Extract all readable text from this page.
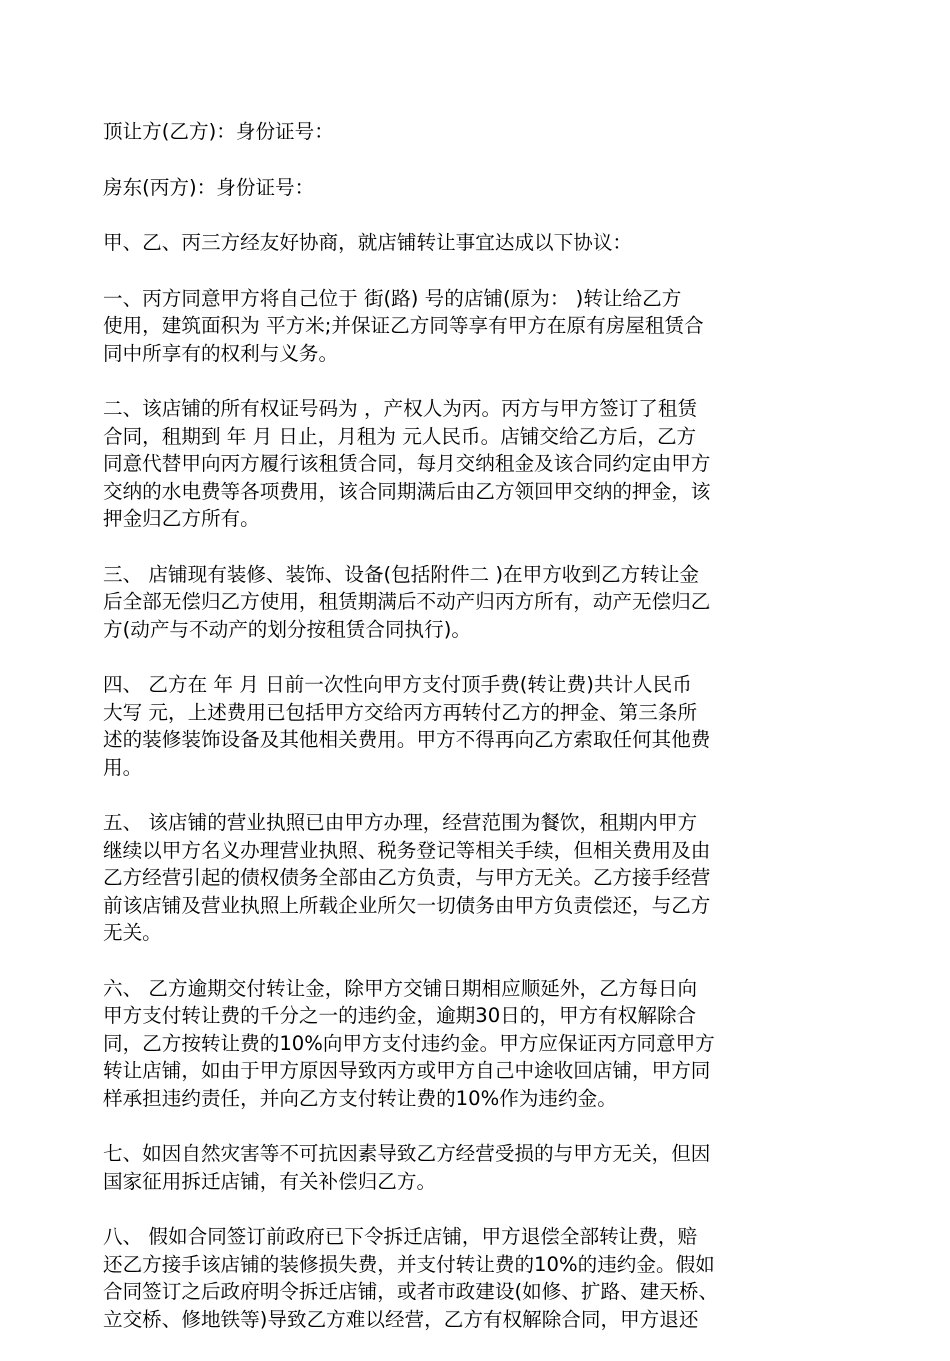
顶让方(乙方)：身份证号：
房东(丙方)：身份证号：
甲、乙、丙三方经友好协商，就店铺转让事宜达成以下协议：
一、丙方同意甲方将自己位于 街(路) 号的店铺(原为： )转让给乙方
使用，建筑面积为 平方米;并保证乙方同等享有甲方在原有房屋租赁合
同中所享有的权利与义务。
二、该店铺的所有权证号码为 ，产权人为丙。丙方与甲方签订了租赁
合同，租期到 年 月 日止，月租为 元人民币。店铺交给乙方后，乙方
同意代替甲向丙方履行该租赁合同，每月交纳租金及该合同约定由甲方
交纳的水电费等各项费用，该合同期满后由乙方领回甲交纳的押金，该
押金归乙方所有。
三、 店铺现有装修、装饰、设备(包括附件二 )在甲方收到乙方转让金
后全部无偿归乙方使用，租赁期满后不动产归丙方所有，动产无偿归乙
方(动产与不动产的划分按租赁合同执行)。
四、 乙方在 年 月 日前一次性向甲方支付顶手费(转让费)共计人民币
大写 元，上述费用已包括甲方交给丙方再转付乙方的押金、第三条所
述的装修装饰设备及其他相关费用。甲方不得再向乙方索取任何其他费
用。
五、 该店铺的营业执照已由甲方办理，经营范围为餐饮，租期内甲方
继续以甲方名义办理营业执照、税务登记等相关手续，但相关费用及由
乙方经营引起的债权债务全部由乙方负责，与甲方无关。乙方接手经营
前该店铺及营业执照上所载企业所欠一切债务由甲方负责偿还，与乙方
无关。
六、 乙方逾期交付转让金，除甲方交铺日期相应顺延外，乙方每日向
甲方支付转让费的千分之一的违约金，逾期30日的，甲方有权解除合
同，乙方按转让费的10%向甲方支付违约金。甲方应保证丙方同意甲方
转让店铺，如由于甲方原因导致丙方或甲方自己中途收回店铺，甲方同
样承担违约责任，并向乙方支付转让费的10%作为违约金。
七、如因自然灾害等不可抗因素导致乙方经营受损的与甲方无关，但因
国家征用拆迁店铺，有关补偿归乙方。
八、 假如合同签订前政府已下令拆迁店铺，甲方退偿全部转让费，赔
还乙方接手该店铺的装修损失费，并支付转让费的10%的违约金。假如
合同签订之后政府明令拆迁店铺，或者市政建设(如修、扩路、建天桥、
立交桥、修地铁等)导致乙方难以经营，乙方有权解除合同，甲方退还
